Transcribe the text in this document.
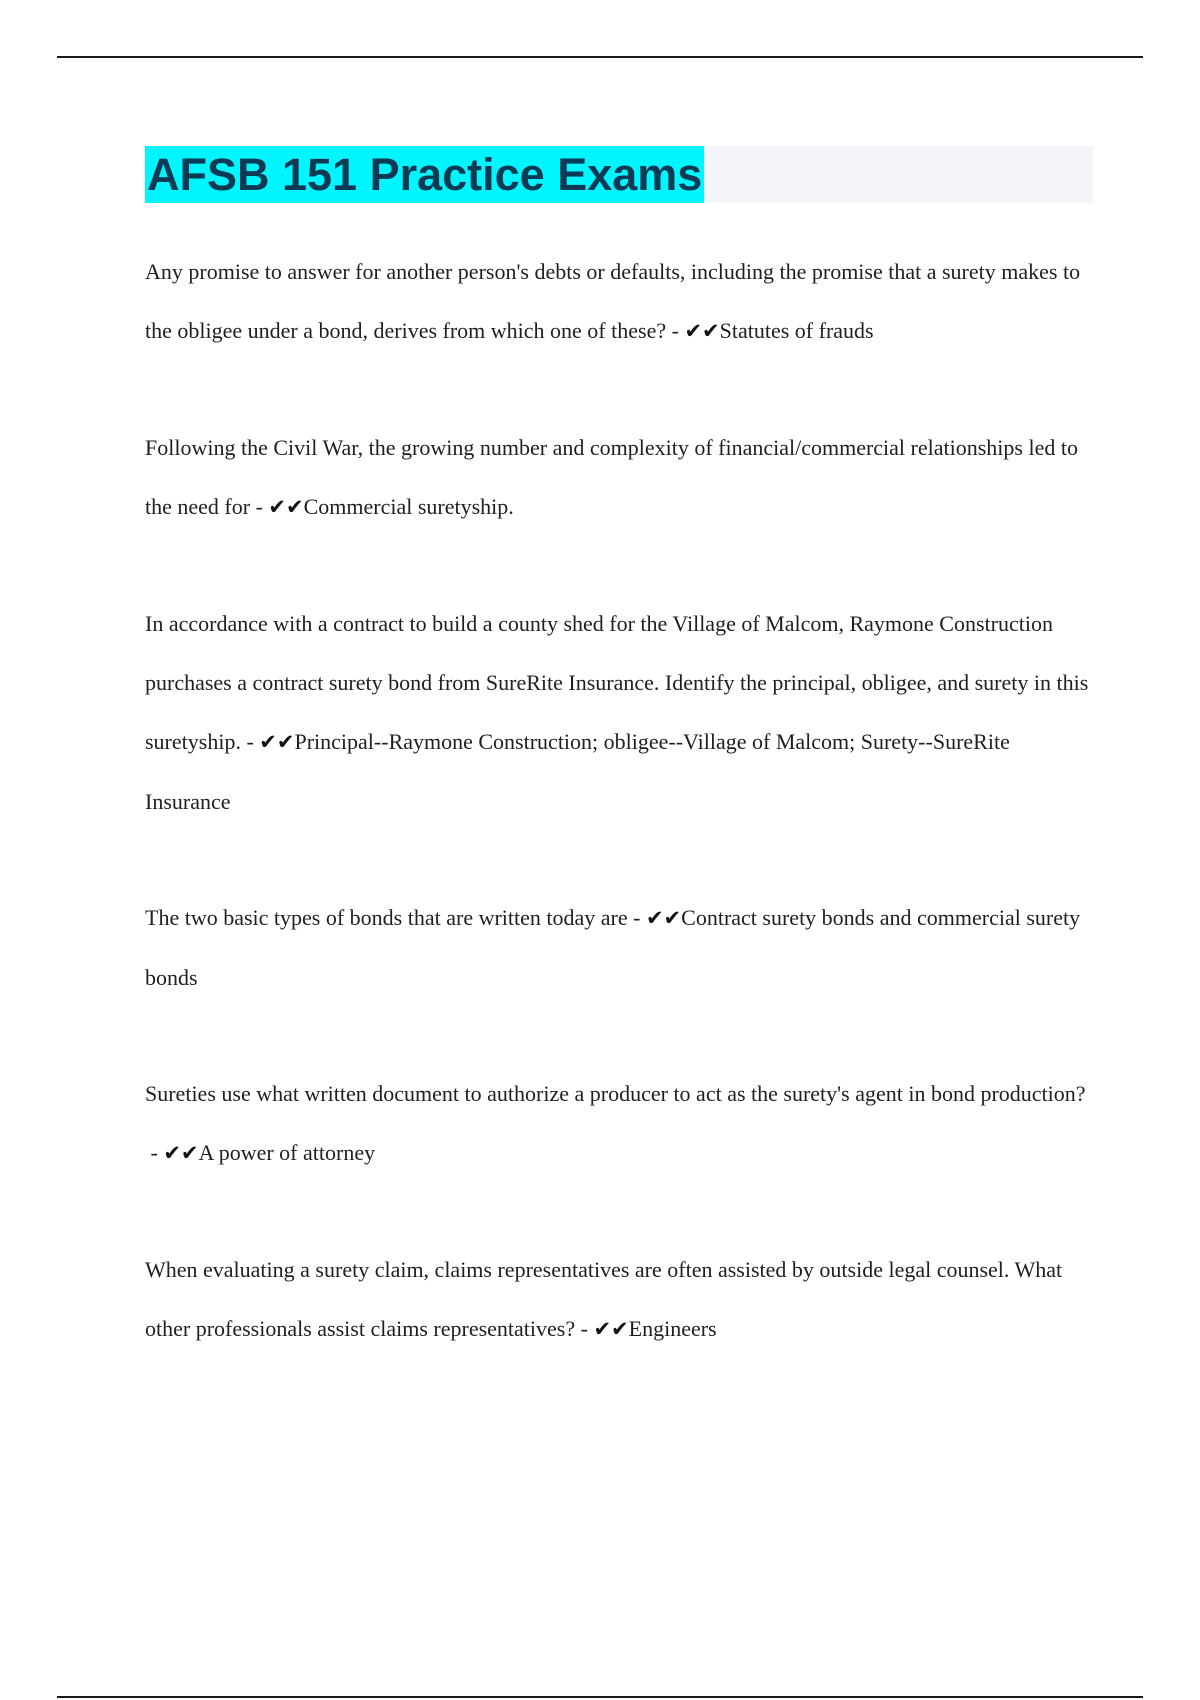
AFSB 151 Practice Exams
Any promise to answer for another person's debts or defaults, including the promise that a surety makes to the obligee under a bond, derives from which one of these? - ✔✔Statutes of frauds
Following the Civil War, the growing number and complexity of financial/commercial relationships led to the need for - ✔✔Commercial suretyship.
In accordance with a contract to build a county shed for the Village of Malcom, Raymone Construction purchases a contract surety bond from SureRite Insurance. Identify the principal, obligee, and surety in this suretyship. - ✔✔Principal--Raymone Construction; obligee--Village of Malcom; Surety--SureRite Insurance
The two basic types of bonds that are written today are - ✔✔Contract surety bonds and commercial surety bonds
Sureties use what written document to authorize a producer to act as the surety's agent in bond production? - ✔✔A power of attorney
When evaluating a surety claim, claims representatives are often assisted by outside legal counsel. What other professionals assist claims representatives? - ✔✔Engineers
